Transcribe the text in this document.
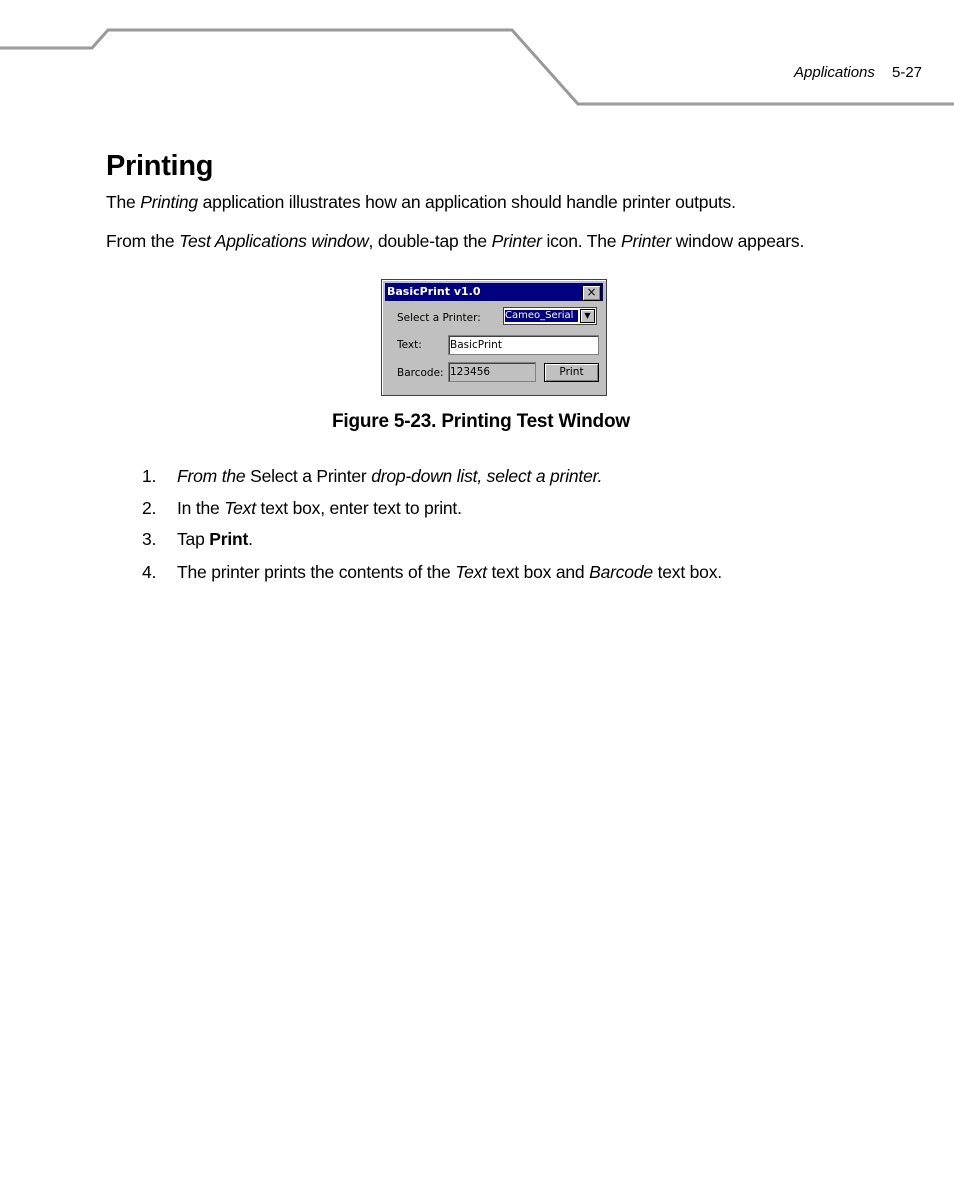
Applications 5-27
Printing
The Printing application illustrates how an application should handle printer outputs.
From the Test Applications window, double-tap the Printer icon. The Printer window appears.
BasicPrint v1.0	×
Select a Printer: Cameo_Serial	▼
Text:	BasicPrint
Barcode: 123456	Print

Figure 5-23. Printing Test Window

1. From the Select a Printer drop-down list, select a printer.
2. In the Text text box, enter text to print.
3. Tap Print.
4. The printer prints the contents of the Text text box and Barcode text box.
